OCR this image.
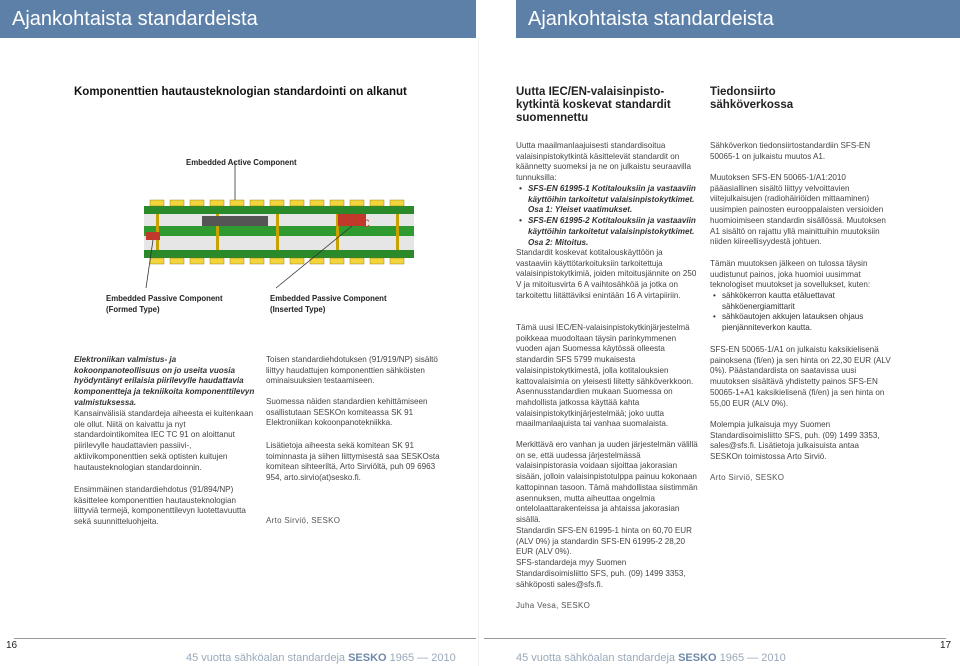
Ajankohtaista standardeista	Ajankohtaista standardeista
Komponenttien hautausteknologian standardointi on alkanut
Embedded Active Component
C
Embedded Passive Component
(Formed Type)
Embedded Passive Component
(Inserted Type)

Elektroniikan valmistus- ja kokoonpanoteollisuus on jo useita vuosia hyödyntänyt erilaisia piirilevylle haudattavia komponentteja ja tekniikoita komponenttilevyn valmistuksessa.

Kansainvälisiä standardeja aiheesta ei kuitenkaan ole ollut. Niitä on kaivattu ja nyt standardointikomitea IEC TC 91 on aloittanut piirilevylle haudattavien passiivi-, aktiivikomponenttien sekä optisten kuitujen hautausteknologian standardoinnin.

Ensimmäinen standardiehdotus (91/894/NP) käsittelee komponenttien hautausteknologian liittyviä termejä, komponenttilevyn luotettavuutta sekä suunnitteluohjeita.

Toisen standardiehdotuksen (91/919/NP) sisältö liittyy haudattujen komponenttien sähköisten ominaisuuksien testaamiseen.

Suomessa näiden standardien kehittämiseen osallistutaan SESKOn komiteassa SK 91 Elektroniikan kokoonpanotekniikka.

Lisätietoja aiheesta sekä komitean SK 91 toiminnasta ja siihen liittymisestä saa SESKOsta komitean sihteeriltä, Arto Sirviöltä, puh 09 6963 954, arto.sirvio(at)sesko.fi.

Arto Sirviö, SESKO
Uutta IEC/EN-valaisinpisto-
kytkintä koskevat standardit
suomennettu

Uutta maailmanlaajuisesti standardisoitua valaisinpistokytkintä käsittelevät standardit on käännetty suomeksi ja ne on julkaistu seuraavilla tunnuksilla:

• SFS-EN 61995-1 Kotitalouksiin ja vastaaviin käyttöihin tarkoitetut valaisinpistokytkimet. Osa 1: Yleiset vaatimukset.
• SFS-EN 61995-2 Kotitalouksiin ja vastaaviin käyttöihin tarkoitetut valaisinpistokytkimet. Osa 2: Mitoitus.

Standardit koskevat kotitalouskäyttöön ja vastaaviin käyttötarkoituksiin tarkoitettuja valaisinpistokytkimiä, joiden mitoitusjännite on 250 V ja mitoitusvirta 6 A vaihtosähköä ja jotka on tarkoitettu liitättäviksi enintään 16 A virtapiiriin.

Tämä uusi IEC/EN-valaisinpistokytkinjärjestelmä poikkeaa muodoltaan täysin parinkymmenen vuoden ajan Suomessa käytössä olleesta standardin SFS 5799 mukaisesta valaisinpistokytkimestä, jolla kotitalouksien kattovalaisimia on yleisesti liitetty sähköverkkoon. Asennusstandardien mukaan Suomessa on mahdollista jatkossa käyttää kahta valaisinpistokytkinjärjestelmää; joko uutta maailmanlaajuista tai vanhaa suomalaista.

Merkittävä ero vanhan ja uuden järjestelmän välillä on se, että uudessa järjestelmässä valaisinpistorasia voidaan sijoittaa jakorasian sisään, jolloin valaisinpistotulppa painuu kokonaan kattopinnan tasoon. Tämä mahdollistaa siistimmän asennuksen, mutta aiheuttaa ongelmia ontelolaattarakenteissa ja ahtaissa jakorasian sisällä.

Standardin SFS-EN 61995-1 hinta on 60,70 EUR (ALV 0%) ja standardin SFS-EN 61995-2 28,20 EUR (ALV 0%).
SFS-standardeja myy Suomen Standardisoimisliitto SFS, puh. (09) 1499 3353, sähköposti sales@sfs.fi.

Juha Vesa, SESKO
Tiedonsiirto
sähköverkossa

Sähköverkon tiedonsiirtostandardiin SFS-EN 50065-1 on julkaistu muutos A1.

Muutoksen SFS-EN 50065-1/A1:2010 pääasiallinen sisältö liittyy velvoittavien viitejulkaisujen (radiohäiriöiden mittaaminen) uusimpien painosten eurooppalaisten versioiden huomioimiseen standardin sisällössä. Muutoksen A1 sisältö on rajattu yllä mainittuihin muutoksiin niiden kiireellisyydestä johtuen.

Tämän muutoksen jälkeen on tulossa täysin uudistunut painos, joka huomioi uusimmat teknologiset muutokset ja sovellukset, kuten:

• sähkökerron kautta etäluettavat sähköenergiamittarit
• sähköautojen akkujen latauksen ohjaus pienjänniteverkon kautta.

SFS-EN 50065-1/A1 on julkaistu kaksikielisenä painoksena (fi/en) ja sen hinta on 22,30 EUR (ALV 0%). Päästandardista on saatavissa uusi muutoksen sisältävä yhdistetty painos SFS-EN 50065-1+A1 kaksikielisenä (fi/en) ja sen hinta on 55,00 EUR (ALV 0%).

Molempia julkaisuja myy Suomen Standardisoimisliitto SFS, puh. (09) 1499 3353, sales@sfs.fi. Lisätietoja julkaisuista antaa SESKOn toimistossa Arto Sirviö.

Arto Sirviö, SESKO
16	17
45 vuotta sähköalan standardeja SESKO 1965 — 2010	45 vuotta sähköalan standardeja SESKO 1965 — 2010
